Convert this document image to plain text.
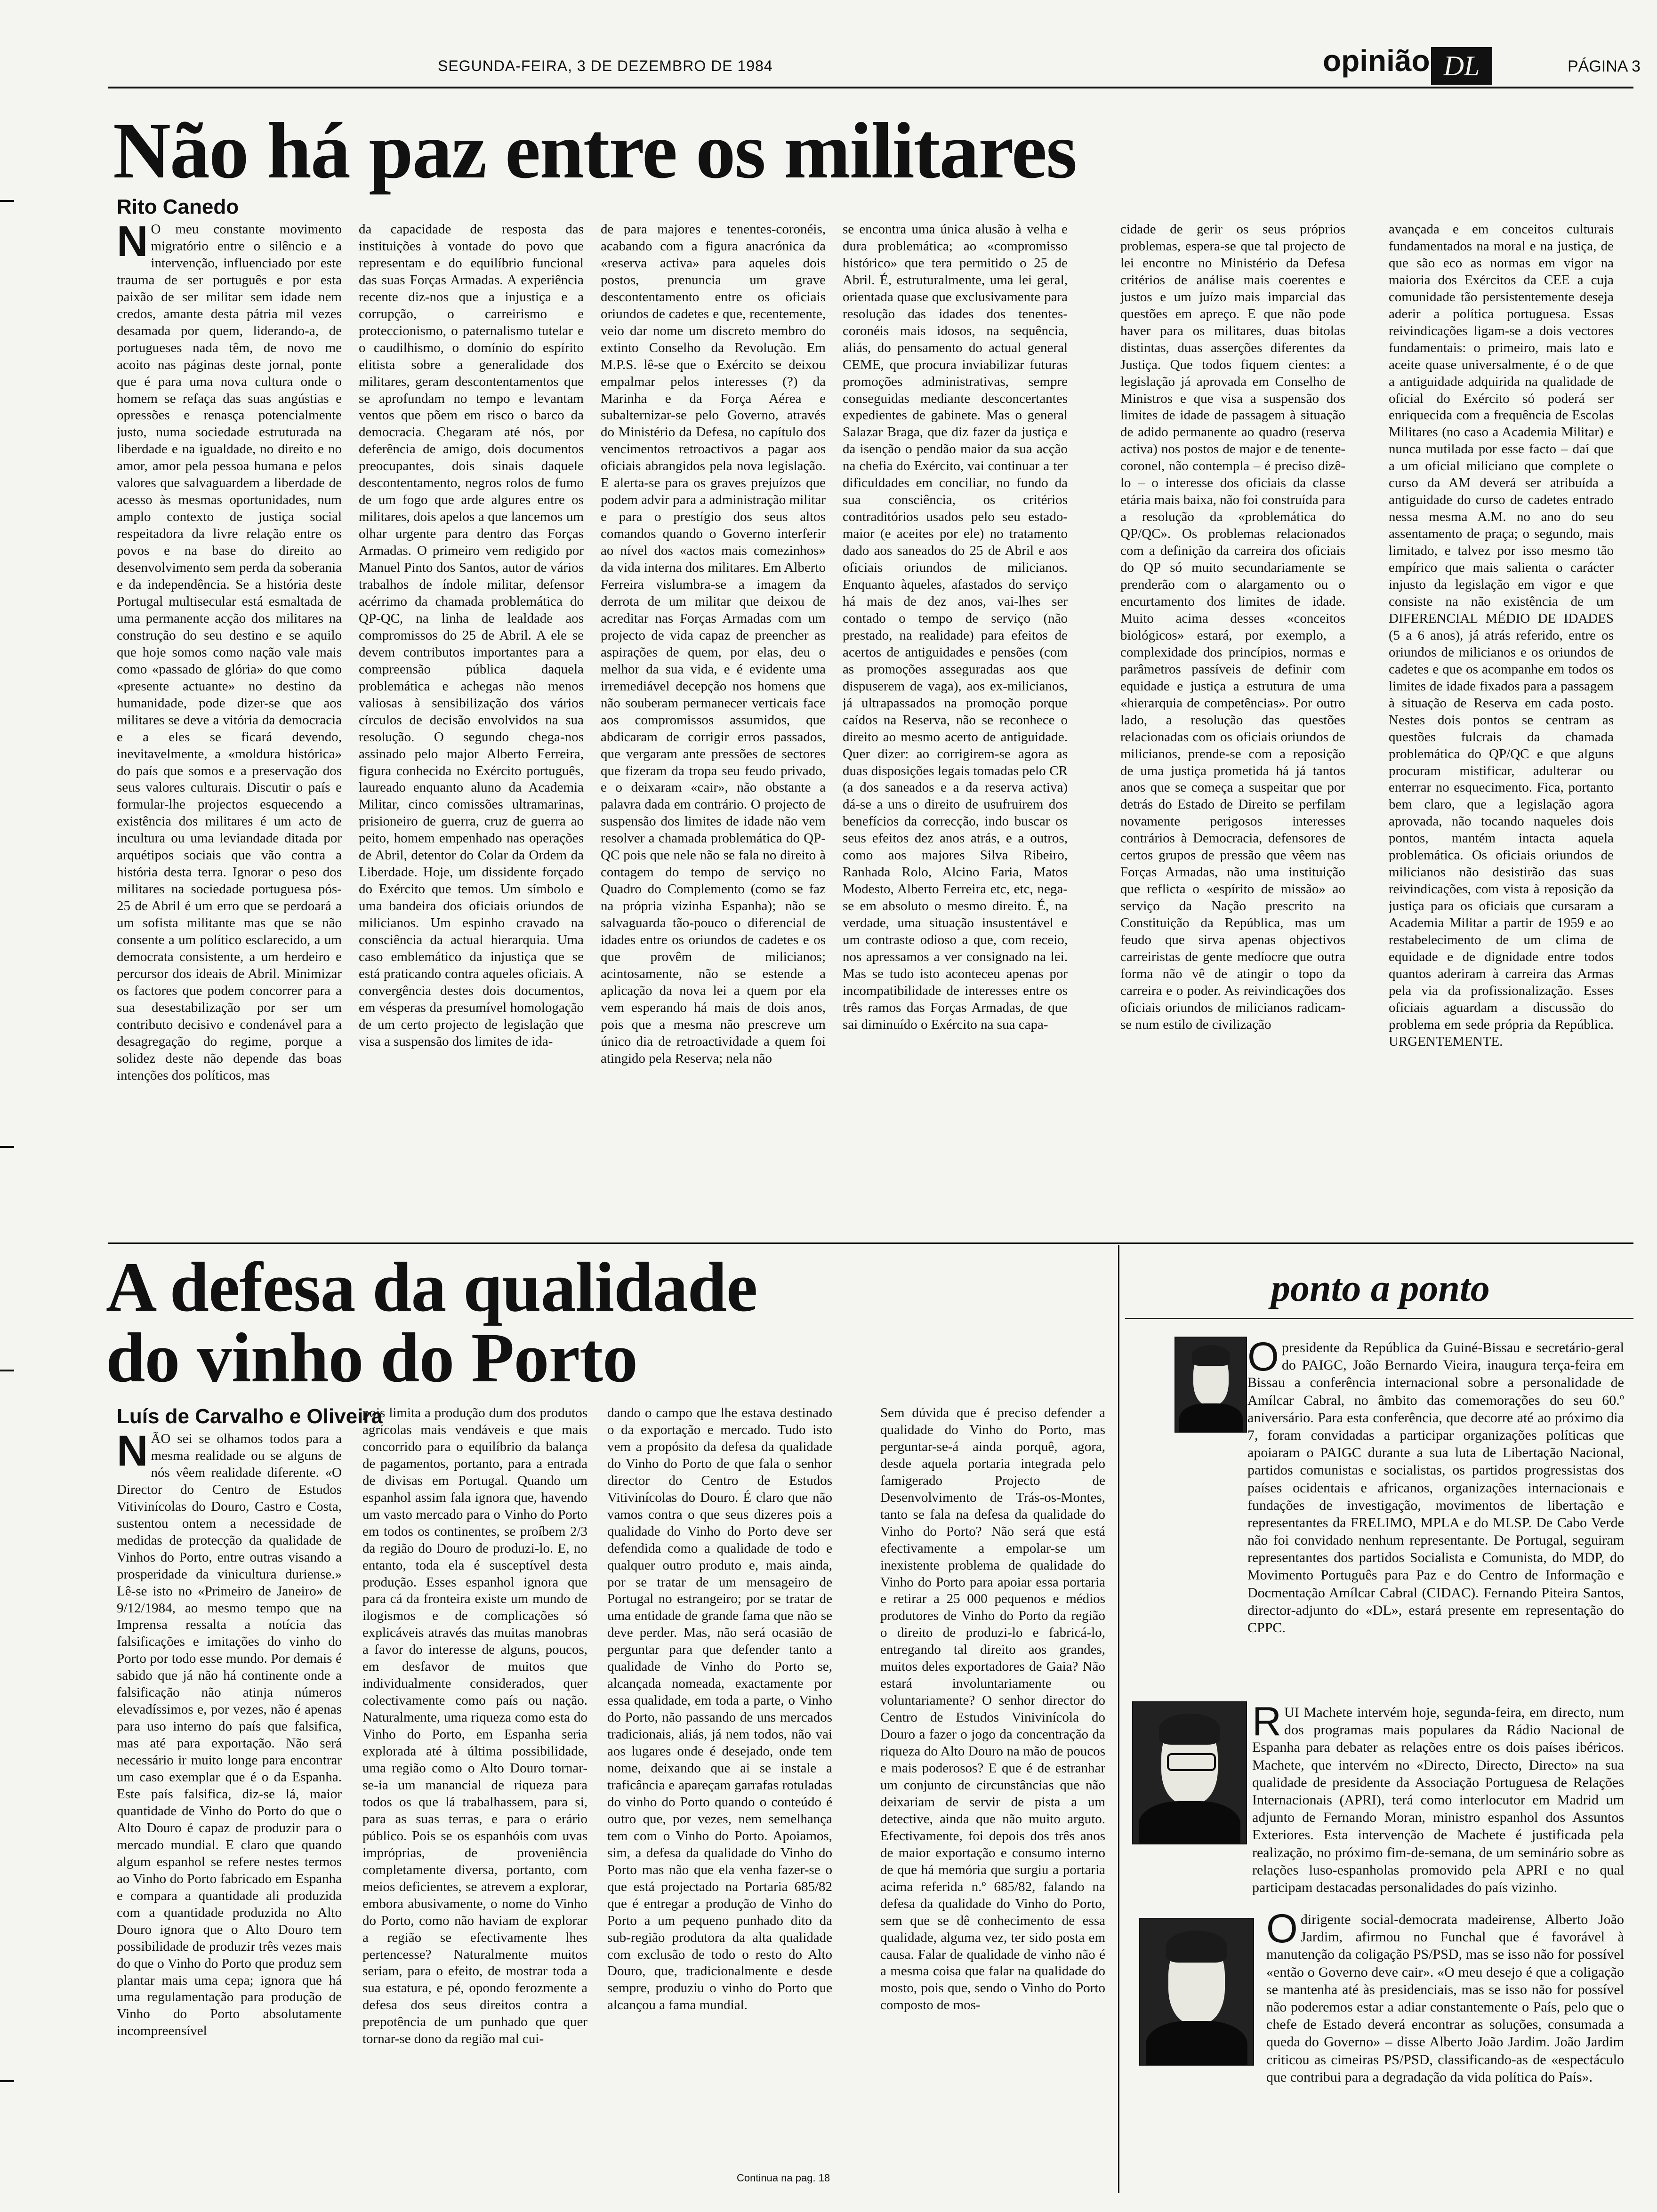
SEGUNDA-FEIRA, 3 DE DEZEMBRO DE 1984	opinião DL	PÁGINA 3
Não há paz entre os militares
Rito Canedo
N O meu constante movimento migratório entre o silêncio e a intervenção, influenciado por este trauma de ser português e por esta paixão de ser militar sem idade nem credos, amante desta pátria mil vezes desamada por quem, liderando-a, de portugueses nada têm, de novo me acoito nas páginas deste jornal, ponte que é para uma nova cultura onde o homem se refaça das suas angústias e opressões e renasça potencialmente justo, numa sociedade estruturada na liberdade e na igualdade, no direito e no amor, amor pela pessoa humana e pelos valores que salvaguardem a liberdade de acesso às mesmas oportunidades, num amplo contexto de justiça social respeitadora da livre relação entre os povos e na base do direito ao desenvolvimento sem perda da soberania e da independência. Se a história deste Portugal multisecular está esmaltada de uma permanente acção dos militares na construção do seu destino e se aquilo que hoje somos como nação vale mais como «passado de glória» do que como «presente actuante» no destino da humanidade, pode dizer-se que aos militares se deve a vitória da democracia e a eles se ficará devendo, inevitavelmente, a «moldura histórica» do país que somos e a preservação dos seus valores culturais. Discutir o país e formular-lhe projectos esquecendo a existência dos militares é um acto de incultura ou uma leviandade ditada por arquétipos sociais que vão contra a história desta terra. Ignorar o peso dos militares na sociedade portuguesa pós-25 de Abril é um erro que se perdoará a um sofista militante mas que se não consente a um político esclarecido, a um democrata consistente, a um herdeiro e percursor dos ideais de Abril. Minimizar os factores que podem concorrer para a sua desestabilização por ser um contributo decisivo e condenável para a desagregação do regime, porque a solidez deste não depende das boas intenções dos políticos, mas

da capacidade de resposta das instituições à vontade do povo que representam e do equilíbrio funcional das suas Forças Armadas. A experiência recente diz-nos que a injustiça e a corrupção, o carreirismo e proteccionismo, o paternalismo tutelar e o caudilhismo, o domínio do espírito elitista sobre a generalidade dos militares, geram descontentamentos que se aprofundam no tempo e levantam ventos que põem em risco o barco da democracia. Chegaram até nós, por deferência de amigo, dois documentos preocupantes, dois sinais daquele descontentamento, negros rolos de fumo de um fogo que arde algures entre os militares, dois apelos a que lancemos um olhar urgente para dentro das Forças Armadas. O primeiro vem redigido por Manuel Pinto dos Santos, autor de vários trabalhos de índole militar, defensor acérrimo da chamada problemática do QP-QC, na linha de lealdade aos compromissos do 25 de Abril. A ele se devem contributos importantes para a compreensão pública daquela problemática e achegas não menos valiosas à sensibilização dos vários círculos de decisão envolvidos na sua resolução. O segundo chega-nos assinado pelo major Alberto Ferreira, figura conhecida no Exército português, laureado enquanto aluno da Academia Militar, cinco comissões ultramarinas, prisioneiro de guerra, cruz de guerra ao peito, homem empenhado nas operações de Abril, detentor do Colar da Ordem da Liberdade. Hoje, um dissidente forçado do Exército que temos. Um símbolo e uma bandeira dos oficiais oriundos de milicianos. Um espinho cravado na consciência da actual hierarquia. Uma caso emblemático da injustiça que se está praticando contra aqueles oficiais. A convergência destes dois documentos, em vésperas da presumível homologação de um certo projecto de legislação que visa a suspensão dos limites de ida-

de para majores e tenentes-coronéis, acabando com a figura anacrónica da «reserva activa» para aqueles dois postos, prenuncia um grave descontentamento entre os oficiais oriundos de cadetes e que, recentemente, veio dar nome um discreto membro do extinto Conselho da Revolução. Em M.P.S. lê-se que o Exército se deixou empalmar pelos interesses (?) da Marinha e da Força Aérea e subalternizar-se pelo Governo, através do Ministério da Defesa, no capítulo dos vencimentos retroactivos a pagar aos oficiais abrangidos pela nova legislação. E alerta-se para os graves prejuízos que podem advir para a administração militar e para o prestígio dos seus altos comandos quando o Governo interferir ao nível dos «actos mais comezinhos» da vida interna dos militares. Em Alberto Ferreira vislumbra-se a imagem da derrota de um militar que deixou de acreditar nas Forças Armadas com um projecto de vida capaz de preencher as aspirações de quem, por elas, deu o melhor da sua vida, e é evidente uma irremediável decepção nos homens que não souberam permanecer verticais face aos compromissos assumidos, que abdicaram de corrigir erros passados, que vergaram ante pressões de sectores que fizeram da tropa seu feudo privado, e o deixaram «cair», não obstante a palavra dada em contrário. O projecto de suspensão dos limites de idade não vem resolver a chamada problemática do QP-QC pois que nele não se fala no direito à contagem do tempo de serviço no Quadro do Complemento (como se faz na própria vizinha Espanha); não se salvaguarda tão-pouco o diferencial de idades entre os oriundos de cadetes e os que provêm de milicianos; acintosamente, não se estende a aplicação da nova lei a quem por ela vem esperando há mais de dois anos, pois que a mesma não prescreve um único dia de retroactividade a quem foi atingido pela Reserva; nela não

se encontra uma única alusão à velha e dura problemática; ao «compromisso histórico» que tera permitido o 25 de Abril. É, estruturalmente, uma lei geral, orientada quase que exclusivamente para resolução das idades dos tenentes-coronéis mais idosos, na sequência, aliás, do pensamento do actual general CEME, que procura inviabilizar futuras promoções administrativas, sempre conseguidas mediante desconcertantes expedientes de gabinete. Mas o general Salazar Braga, que diz fazer da justiça e da isenção o pendão maior da sua acção na chefia do Exército, vai continuar a ter dificuldades em conciliar, no fundo da sua consciência, os critérios contraditórios usados pelo seu estado-maior (e aceites por ele) no tratamento dado aos saneados do 25 de Abril e aos oficiais oriundos de milicianos. Enquanto àqueles, afastados do serviço há mais de dez anos, vai-lhes ser contado o tempo de serviço (não prestado, na realidade) para efeitos de acertos de antiguidades e pensões (com as promoções asseguradas aos que dispuserem de vaga), aos ex-milicianos, já ultrapassados na promoção porque caídos na Reserva, não se reconhece o direito ao mesmo acerto de antiguidade. Quer dizer: ao corrigirem-se agora as duas disposições legais tomadas pelo CR (a dos saneados e a da reserva activa) dá-se a uns o direito de usufruirem dos benefícios da correcção, indo buscar os seus efeitos dez anos atrás, e a outros, como aos majores Silva Ribeiro, Ranhada Rolo, Alcino Faria, Matos Modesto, Alberto Ferreira etc, etc, nega-se em absoluto o mesmo direito. É, na verdade, uma situação insustentável e um contraste odioso a que, com receio, nos apressamos a ver consignado na lei. Mas se tudo isto aconteceu apenas por incompatibilidade de interesses entre os três ramos das Forças Armadas, de que sai diminuído o Exército na sua capa-

cidade de gerir os seus próprios problemas, espera-se que tal projecto de lei encontre no Ministério da Defesa critérios de análise mais coerentes e justos e um juízo mais imparcial das questões em apreço. E que não pode haver para os militares, duas bitolas distintas, duas asserções diferentes da Justiça. Que todos fiquem cientes: a legislação já aprovada em Conselho de Ministros e que visa a suspensão dos limites de idade de passagem à situação de adido permanente ao quadro (reserva activa) nos postos de major e de tenente-coronel, não contempla – é preciso dizê-lo – o interesse dos oficiais da classe etária mais baixa, não foi construída para a resolução da «problemática do QP/QC». Os problemas relacionados com a definição da carreira dos oficiais do QP só muito secundariamente se prenderão com o alargamento ou o encurtamento dos limites de idade. Muito acima desses «conceitos biológicos» estará, por exemplo, a complexidade dos princípios, normas e parâmetros passíveis de definir com equidade e justiça a estrutura de uma «hierarquia de competências». Por outro lado, a resolução das questões relacionadas com os oficiais oriundos de milicianos, prende-se com a reposição de uma justiça prometida há já tantos anos que se começa a suspeitar que por detrás do Estado de Direito se perfilam novamente perigosos interesses contrários à Democracia, defensores de certos grupos de pressão que vêem nas Forças Armadas, não uma instituição que reflicta o «espírito de missão» ao serviço da Nação prescrito na Constituição da República, mas um feudo que sirva apenas objectivos carreiristas de gente medíocre que outra forma não vê de atingir o topo da carreira e o poder. As reivindicações dos oficiais oriundos de milicianos radicam-se num estilo de civilização

avançada e em conceitos culturais fundamentados na moral e na justiça, de que são eco as normas em vigor na maioria dos Exércitos da CEE a cuja comunidade tão persistentemente deseja aderir a política portuguesa. Essas reivindicações ligam-se a dois vectores fundamentais: o primeiro, mais lato e aceite quase universalmente, é o de que a antiguidade adquirida na qualidade de oficial do Exército só poderá ser enriquecida com a frequência de Escolas Militares (no caso a Academia Militar) e nunca mutilada por esse facto – daí que a um oficial miliciano que complete o curso da AM deverá ser atribuída a antiguidade do curso de cadetes entrado nessa mesma A.M. no ano do seu assentamento de praça; o segundo, mais limitado, e talvez por isso mesmo tão empírico que mais salienta o carácter injusto da legislação em vigor e que consiste na não existência de um DIFERENCIAL MÉDIO DE IDADES (5 a 6 anos), já atrás referido, entre os oriundos de milicianos e os oriundos de cadetes e que os acompanhe em todos os limites de idade fixados para a passagem à situação de Reserva em cada posto. Nestes dois pontos se centram as questões fulcrais da chamada problemática do QP/QC e que alguns procuram mistificar, adulterar ou enterrar no esquecimento. Fica, portanto bem claro, que a legislação agora aprovada, não tocando naqueles dois pontos, mantém intacta aquela problemática. Os oficiais oriundos de milicianos não desistirão das suas reivindicações, com vista à reposição da justiça para os oficiais que cursaram a Academia Militar a partir de 1959 e ao restabelecimento de um clima de equidade e de dignidade entre todos quantos aderiram à carreira das Armas pela via da profissionalização. Esses oficiais aguardam a discussão do problema em sede própria da República. URGENTEMENTE.

A defesa da qualidade
do vinho do Porto
Luís de Carvalho e Oliveira
N ÃO sei se olhamos todos para a mesma realidade ou se alguns de nós vêem realidade diferente. «O Director do Centro de Estudos Vitivinícolas do Douro, Castro e Costa, sustentou ontem a necessidade de medidas de protecção da qualidade de Vinhos do Porto, entre outras visando a prosperidade da vinicultura duriense.» Lê-se isto no «Primeiro de Janeiro» de 9/12/1984, ao mesmo tempo que na Imprensa ressalta a notícia das falsificações e imitações do vinho do Porto por todo esse mundo. Por demais é sabido que já não há continente onde a falsificação não atinja números elevadíssimos e, por vezes, não é apenas para uso interno do país que falsifica, mas até para exportação. Não será necessário ir muito longe para encontrar um caso exemplar que é o da Espanha. Este país falsifica, diz-se lá, maior quantidade de Vinho do Porto do que o Alto Douro é capaz de produzir para o mercado mundial. E claro que quando algum espanhol se refere nestes termos ao Vinho do Porto fabricado em Espanha e compara a quantidade ali produzida com a quantidade produzida no Alto Douro ignora que o Alto Douro tem possibilidade de produzir três vezes mais do que o Vinho do Porto que produz sem plantar mais uma cepa; ignora que há uma regulamentação para produção de Vinho do Porto absolutamente incompreensível

pois limita a produção dum dos produtos agrícolas mais vendáveis e que mais concorrido para o equilíbrio da balança de pagamentos, portanto, para a entrada de divisas em Portugal. Quando um espanhol assim fala ignora que, havendo um vasto mercado para o Vinho do Porto em todos os continentes, se proíbem 2/3 da região do Douro de produzi-lo. E, no entanto, toda ela é susceptível desta produção. Esses espanhol ignora que para cá da fronteira existe um mundo de ilogismos e de complicações só explicáveis através das muitas manobras a favor do interesse de alguns, poucos, em desfavor de muitos que individualmente considerados, quer colectivamente como país ou nação. Naturalmente, uma riqueza como esta do Vinho do Porto, em Espanha seria explorada até à última possibilidade, uma região como o Alto Douro tornar-se-ia um manancial de riqueza para todos os que lá trabalhassem, para si, para as suas terras, e para o erário público. Pois se os espanhóis com uvas impróprias, de proveniência completamente diversa, portanto, com meios deficientes, se atrevem a explorar, embora abusivamente, o nome do Vinho do Porto, como não haviam de explorar a região se efectivamente lhes pertencesse? Naturalmente muitos seriam, para o efeito, de mostrar toda a sua estatura, e pé, opondo ferozmente a defesa dos seus direitos contra a prepotência de um punhado que quer tornar-se dono da região mal cui-

dando o campo que lhe estava destinado o da exportação e mercado. Tudo isto vem a propósito da defesa da qualidade do Vinho do Porto de que fala o senhor director do Centro de Estudos Vitivinícolas do Douro. É claro que não vamos contra o que seus dizeres pois a qualidade do Vinho do Porto deve ser defendida como a qualidade de todo e qualquer outro produto e, mais ainda, por se tratar de um mensageiro de Portugal no estrangeiro; por se tratar de uma entidade de grande fama que não se deve perder. Mas, não será ocasião de perguntar para que defender tanto a qualidade de Vinho do Porto se, alcançada nomeada, exactamente por essa qualidade, em toda a parte, o Vinho do Porto, não passando de uns mercados tradicionais, aliás, já nem todos, não vai aos lugares onde é desejado, onde tem nome, deixando que ai se instale a traficância e apareçam garrafas rotuladas do vinho do Porto quando o conteúdo é outro que, por vezes, nem semelhança tem com o Vinho do Porto. Apoiamos, sim, a defesa da qualidade do Vinho do Porto mas não que ela venha fazer-se o que está projectado na Portaria 685/82 que é entregar a produção de Vinho do Porto a um pequeno punhado dito da sub-região produtora da alta qualidade com exclusão de todo o resto do Alto Douro, que, tradicionalmente e desde sempre, produziu o vinho do Porto que alcançou a fama mundial.

Sem dúvida que é preciso defender a qualidade do Vinho do Porto, mas perguntar-se-á ainda porquê, agora, desde aquela portaria integrada pelo famigerado Projecto de Desenvolvimento de Trás-os-Montes, tanto se fala na defesa da qualidade do Vinho do Porto? Não será que está efectivamente a empolar-se um inexistente problema de qualidade do Vinho do Porto para apoiar essa portaria e retirar a 25 000 pequenos e médios produtores de Vinho do Porto da região o direito de produzi-lo e fabricá-lo, entregando tal direito aos grandes, muitos deles exportadores de Gaia? Não estará involuntariamente ou voluntariamente? O senhor director do Centro de Estudos Vinivinícola do Douro a fazer o jogo da concentração da riqueza do Alto Douro na mão de poucos e mais poderosos? E que é de estranhar um conjunto de circunstâncias que não deixariam de servir de pista a um detective, ainda que não muito arguto. Efectivamente, foi depois dos três anos de maior exportação e consumo interno de que há memória que surgiu a portaria acima referida n.º 685/82, falando na defesa da qualidade do Vinho do Porto, sem que se dê conhecimento de essa qualidade, alguma vez, ter sido posta em causa. Falar de qualidade de vinho não é a mesma coisa que falar na qualidade do mosto, pois que, sendo o Vinho do Porto composto de mos-

Continua na pag. 18
ponto a ponto
O presidente da República da Guiné-Bissau e secretário-geral do PAIGC, João Bernardo Vieira, inaugura terça-feira em Bissau a conferência internacional sobre a personalidade de Amílcar Cabral, no âmbito das comemorações do seu 60.º aniversário. Para esta conferência, que decorre até ao próximo dia 7, foram convidadas a participar organizações políticas que apoiaram o PAIGC durante a sua luta de Libertação Nacional, partidos comunistas e socialistas, os partidos progressistas dos países ocidentais e africanos, organizações internacionais e fundações de investigação, movimentos de libertação e representantes da FRELIMO, MPLA e do MLSP. De Cabo Verde não foi convidado nenhum representante. De Portugal, seguiram representantes dos partidos Socialista e Comunista, do MDP, do Movimento Português para Paz e do Centro de Informação e Docmentação Amílcar Cabral (CIDAC). Fernando Piteira Santos, director-adjunto do «DL», estará presente em representação do CPPC.
R UI Machete intervém hoje, segunda-feira, em directo, num dos programas mais populares da Rádio Nacional de Espanha para debater as relações entre os dois países ibéricos. Machete, que intervém no «Directo, Directo, Directo» na sua qualidade de presidente da Associação Portuguesa de Relações Internacionais (APRI), terá como interlocutor em Madrid um adjunto de Fernando Moran, ministro espanhol dos Assuntos Exteriores. Esta intervenção de Machete é justificada pela realização, no próximo fim-de-semana, de um seminário sobre as relações luso-espanholas promovido pela APRI e no qual participam destacadas personalidades do país vizinho.
O dirigente social-democrata madeirense, Alberto João Jardim, afirmou no Funchal que é favorável à manutenção da coligação PS/PSD, mas se isso não for possível «então o Governo deve cair». «O meu desejo é que a coligação se mantenha até às presidenciais, mas se isso não for possível não poderemos estar a adiar constantemente o País, pelo que o chefe de Estado deverá encontrar as soluções, consumada a queda do Governo» – disse Alberto João Jardim. João Jardim criticou as cimeiras PS/PSD, classificando-as de «espectáculo que contribui para a degradação da vida política do País».
